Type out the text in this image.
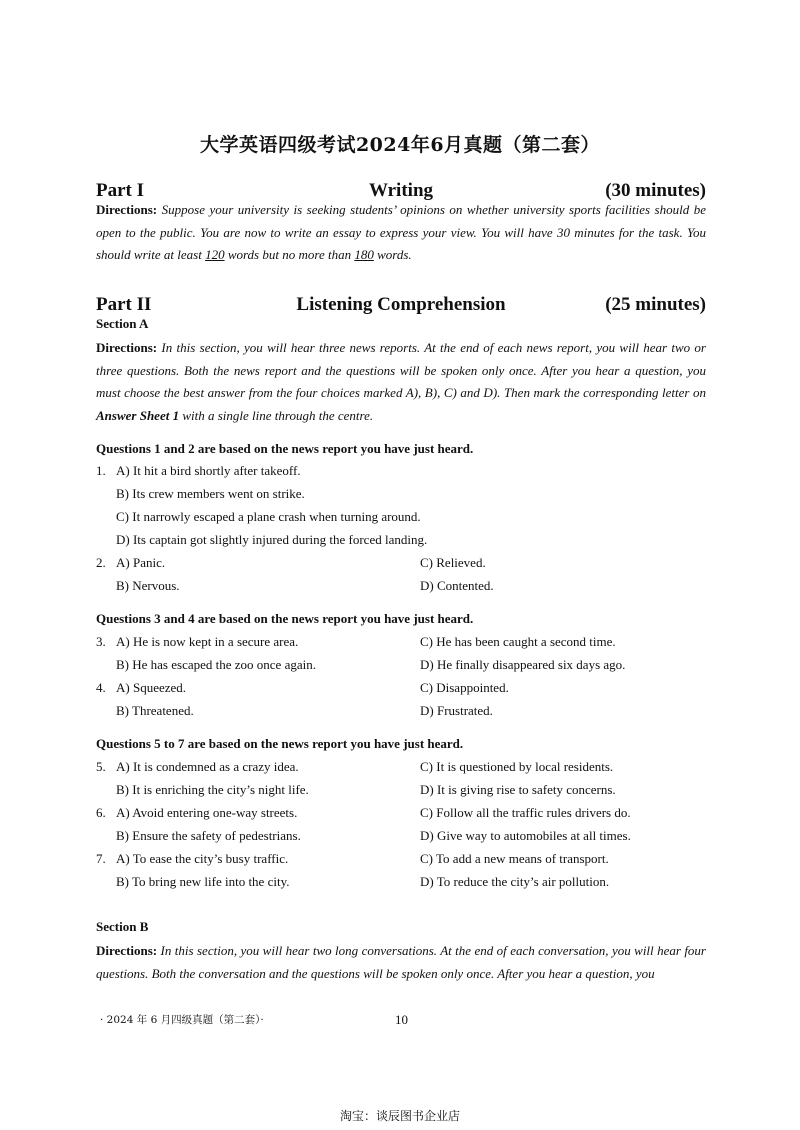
大学英语四级考试2024年6月真题（第二套）
Part I	Writing	(30 minutes)
Directions: Suppose your university is seeking students’ opinions on whether university sports facilities should be open to the public. You are now to write an essay to express your view. You will have 30 minutes for the task. You should write at least 120 words but no more than 180 words.
Part II	Listening Comprehension	(25 minutes)
Section A
Directions: In this section, you will hear three news reports. At the end of each news report, you will hear two or three questions. Both the news report and the questions will be spoken only once. After you hear a question, you must choose the best answer from the four choices marked A), B), C) and D). Then mark the corresponding letter on Answer Sheet 1 with a single line through the centre.
Questions 1 and 2 are based on the news report you have just heard.
1. A) It hit a bird shortly after takeoff.
B) Its crew members went on strike.
C) It narrowly escaped a plane crash when turning around.
D) Its captain got slightly injured during the forced landing.
2. A) Panic.	C) Relieved.
B) Nervous.	D) Contented.
Questions 3 and 4 are based on the news report you have just heard.
3. A) He is now kept in a secure area.	C) He has been caught a second time.
B) He has escaped the zoo once again.	D) He finally disappeared six days ago.
4. A) Squeezed.	C) Disappointed.
B) Threatened.	D) Frustrated.
Questions 5 to 7 are based on the news report you have just heard.
5. A) It is condemned as a crazy idea.	C) It is questioned by local residents.
B) It is enriching the city’s night life.	D) It is giving rise to safety concerns.
6. A) Avoid entering one-way streets.	C) Follow all the traffic rules drivers do.
B) Ensure the safety of pedestrians.	D) Give way to automobiles at all times.
7. A) To ease the city’s busy traffic.	C) To add a new means of transport.
B) To bring new life into the city.	D) To reduce the city’s air pollution.
Section B
Directions: In this section, you will hear two long conversations. At the end of each conversation, you will hear four questions. Both the conversation and the questions will be spoken only once. After you hear a question, you
· 2024 年 6 月四级真题（第二套）·	10
淘宝：谈辰图书企业店
